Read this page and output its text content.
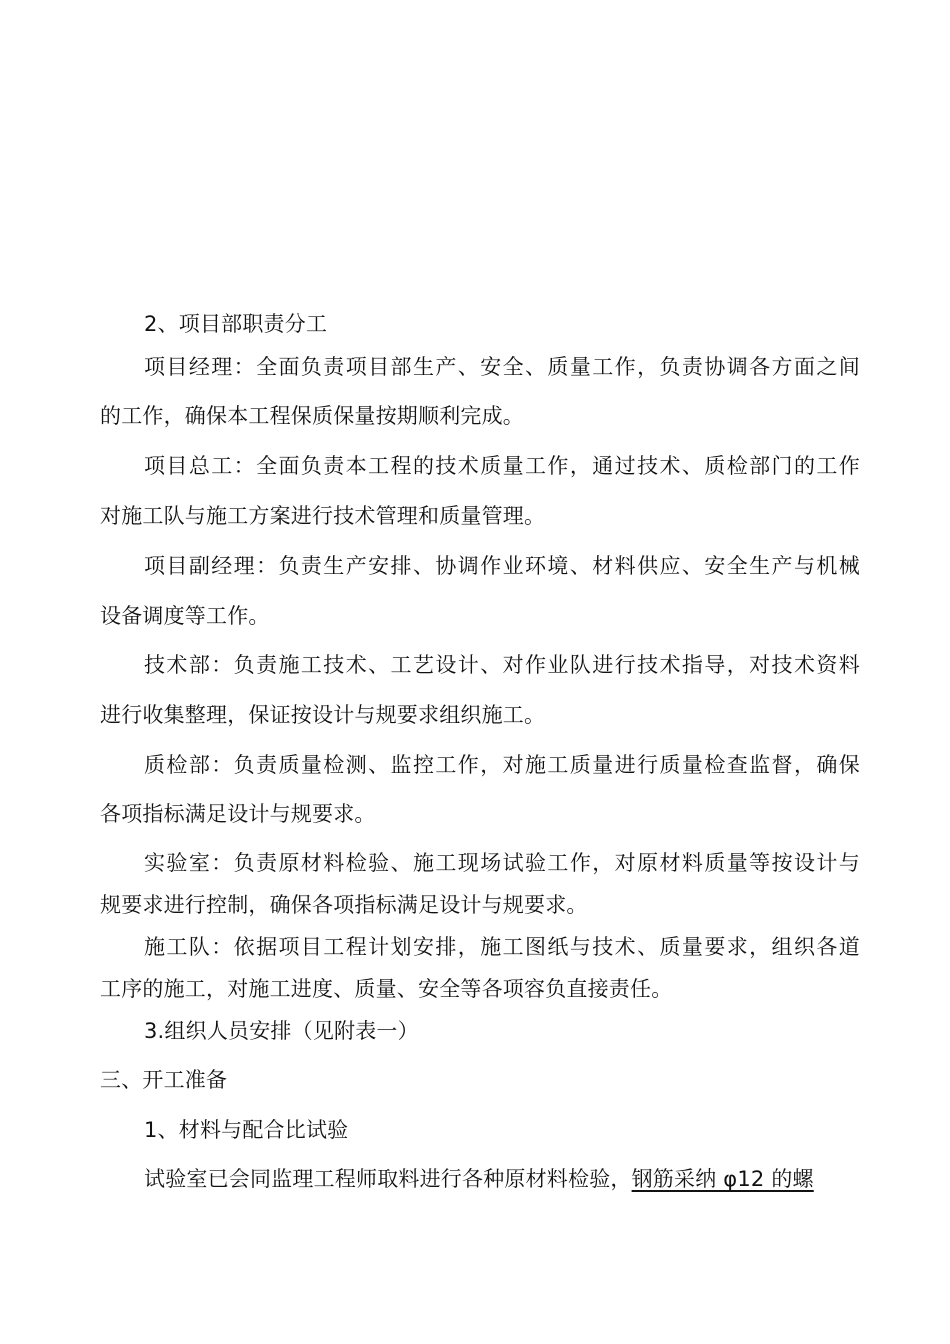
2、项目部职责分工
项目经理：全面负责项目部生产、安全、质量工作，负责协调各方面之间
的工作，确保本工程保质保量按期顺利完成。
项目总工：全面负责本工程的技术质量工作，通过技术、质检部门的工作
对施工队与施工方案进行技术管理和质量管理。
项目副经理：负责生产安排、协调作业环境、材料供应、安全生产与机械
设备调度等工作。
技术部：负责施工技术、工艺设计、对作业队进行技术指导，对技术资料
进行收集整理，保证按设计与规要求组织施工。
质检部：负责质量检测、监控工作，对施工质量进行质量检查监督，确保
各项指标满足设计与规要求。
实验室：负责原材料检验、施工现场试验工作，对原材料质量等按设计与
规要求进行控制，确保各项指标满足设计与规要求。
施工队：依据项目工程计划安排，施工图纸与技术、质量要求，组织各道
工序的施工，对施工进度、质量、安全等各项容负直接责任。
3.组织人员安排（见附表一）
三、开工准备
1、材料与配合比试验
试验室已会同监理工程师取料进行各种原材料检验，钢筋采纳 φ12 的螺
